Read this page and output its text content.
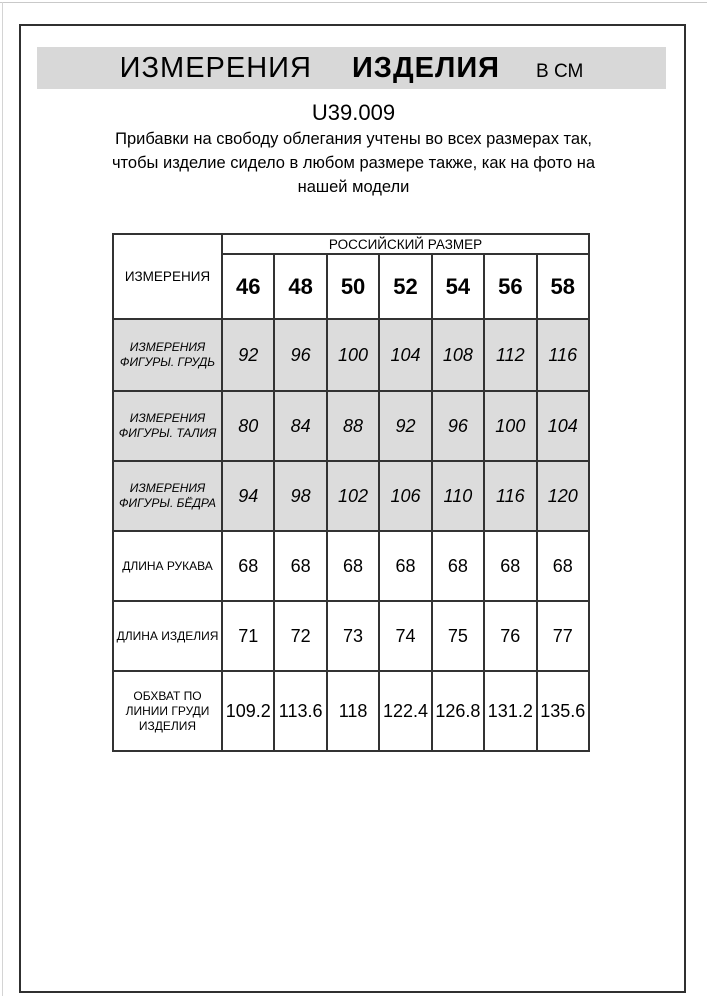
ИЗМЕРЕНИЯ ИЗДЕЛИЯ В СМ
U39.009
Прибавки на свободу облегания учтены во всех размерах так,
чтобы изделие сидело в любом размере также, как на фото на
нашей модели
ИЗМЕРЕНИЯ	РОССИЙСКИЙ РАЗМЕР						
	46	48	50	52	54	56	58

ИЗМЕРЕНИЯ
ФИГУРЫ. ГРУДЬ	92	96	100	104	108	112	116

ИЗМЕРЕНИЯ
ФИГУРЫ. ТАЛИЯ	80	84	88	92	96	100	104

ИЗМЕРЕНИЯ
ФИГУРЫ. БЁДРА	94	98	102	106	110	116	120

ДЛИНА РУКАВА	68	68	68	68	68	68	68

ДЛИНА ИЗДЕЛИЯ	71	72	73	74	75	76	77

ОБХВАТ ПО
ЛИНИИ ГРУДИ
ИЗДЕЛИЯ	109.2	113.6	118	122.4	126.8	131.2	135.6
